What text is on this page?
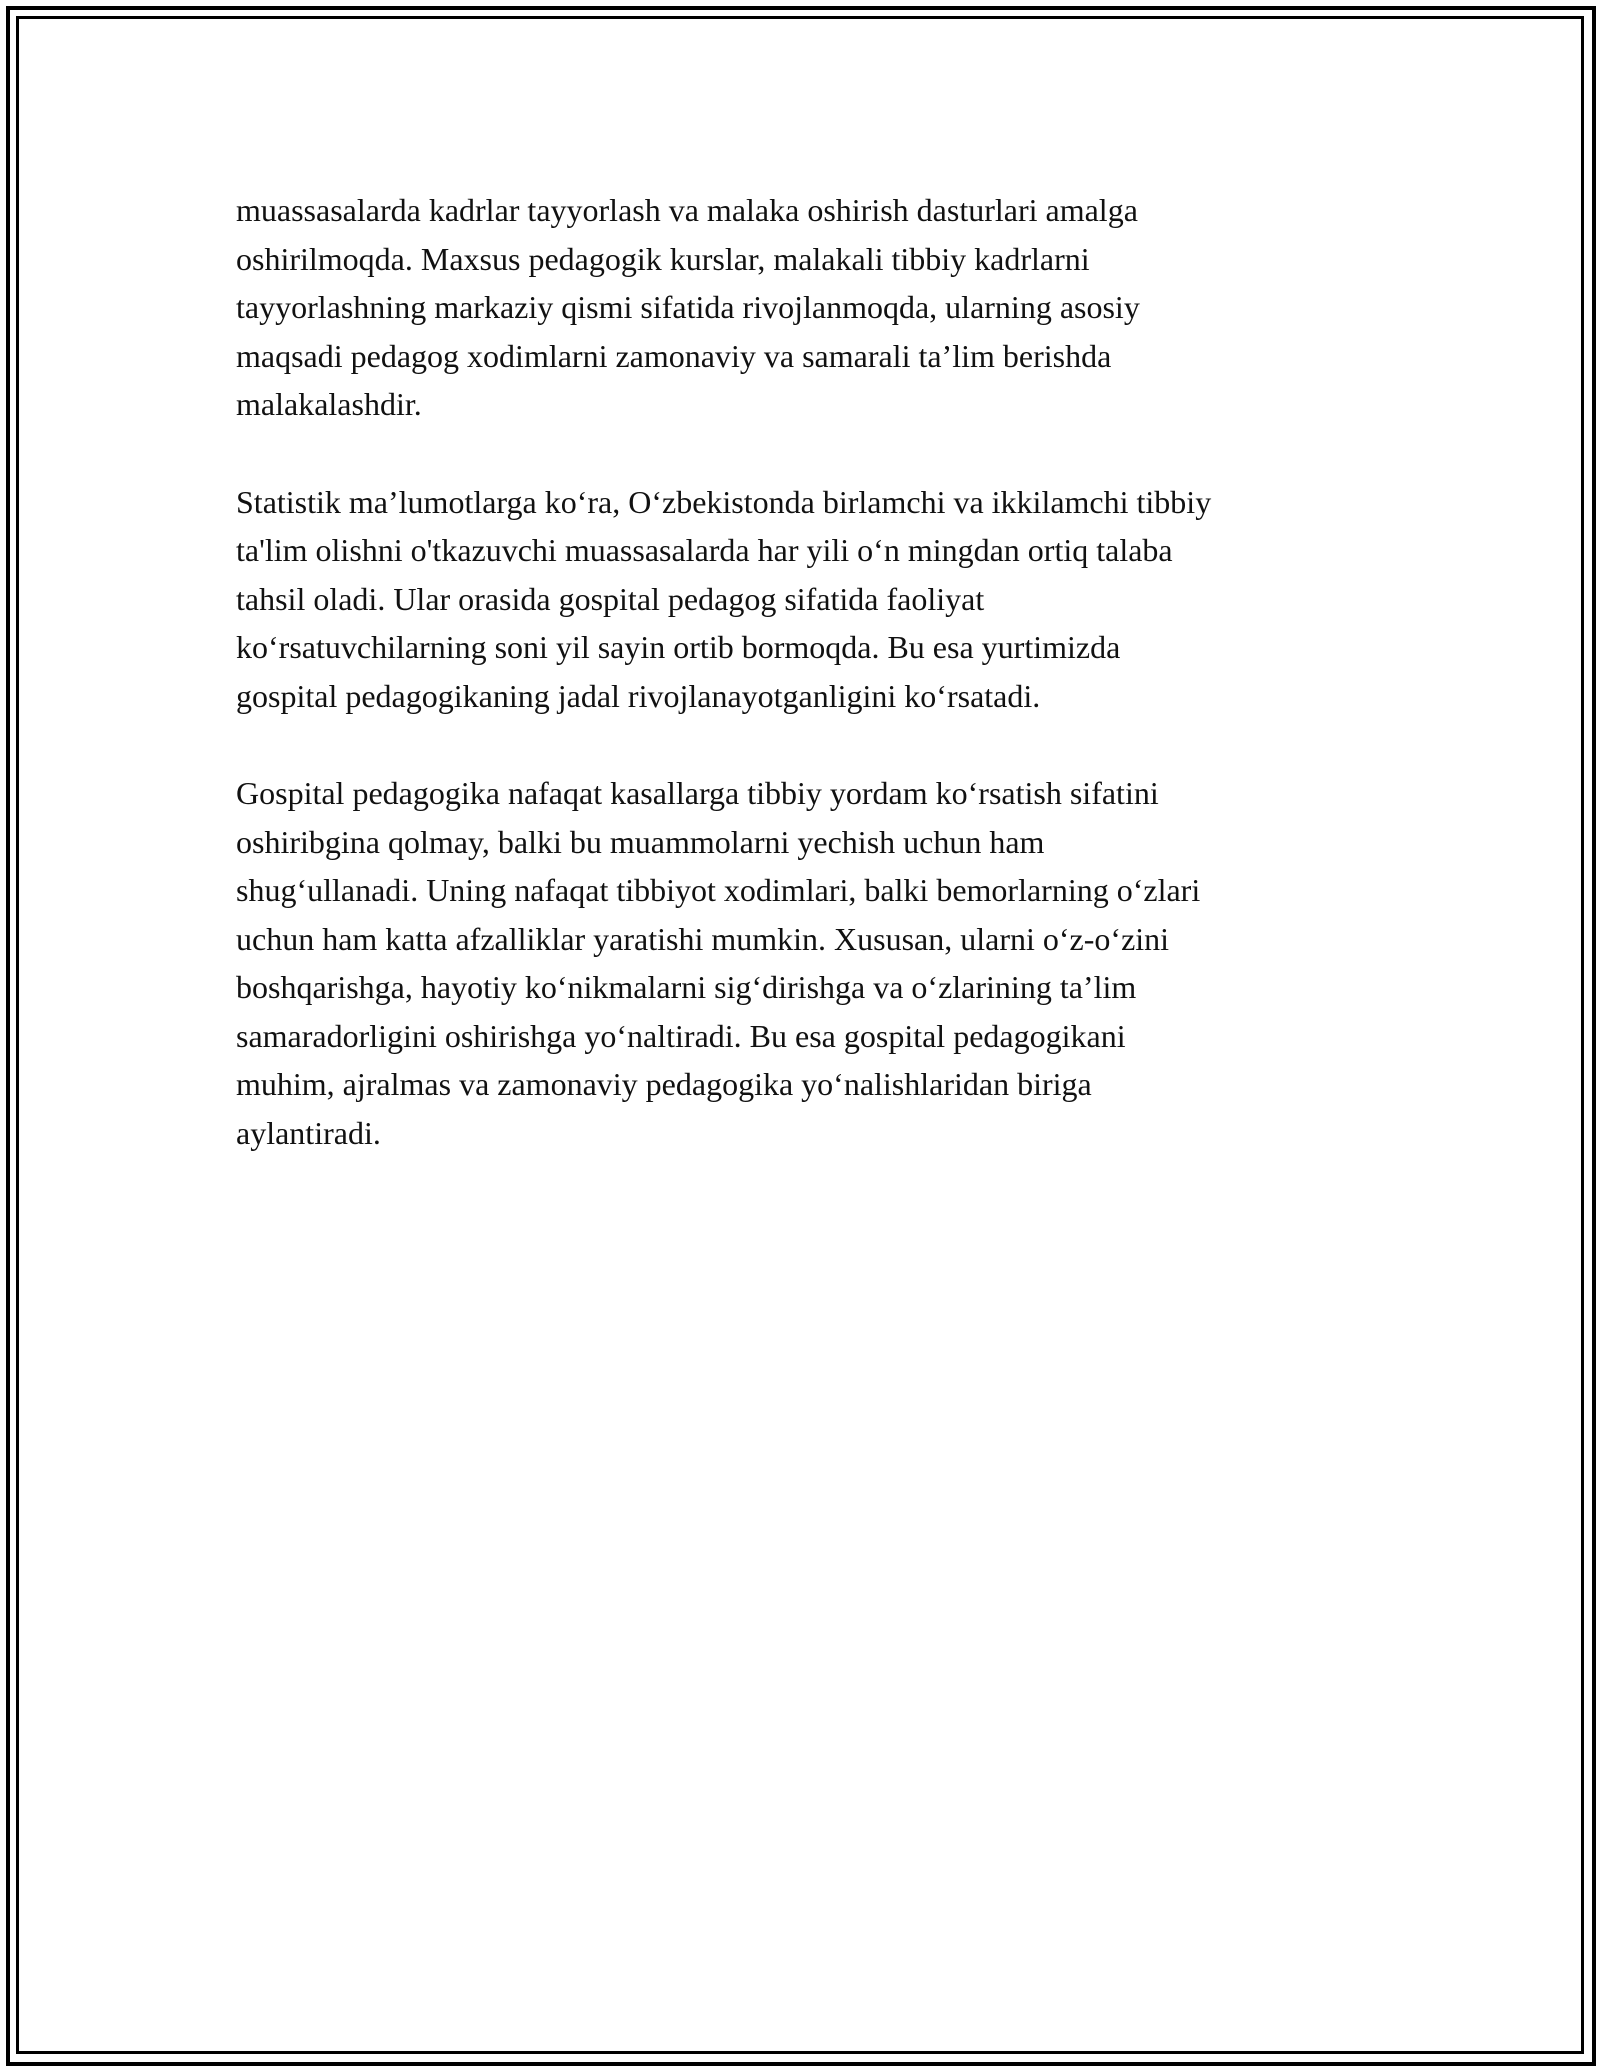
muassasalarda kadrlar tayyorlash va malaka oshirish dasturlari amalga
oshirilmoqda. Maxsus pedagogik kurslar, malakali tibbiy kadrlarni
tayyorlashning markaziy qismi sifatida rivojlanmoqda, ularning asosiy
maqsadi pedagog xodimlarni zamonaviy va samarali ta’lim berishda
malakalashdir.

Statistik ma’lumotlarga ko‘ra, O‘zbekistonda birlamchi va ikkilamchi tibbiy
ta'lim olishni o'tkazuvchi muassasalarda har yili o‘n mingdan ortiq talaba
tahsil oladi. Ular orasida gospital pedagog sifatida faoliyat
ko‘rsatuvchilarning soni yil sayin ortib bormoqda. Bu esa yurtimizda
gospital pedagogikaning jadal rivojlanayotganligini ko‘rsatadi.

Gospital pedagogika nafaqat kasallarga tibbiy yordam ko‘rsatish sifatini
oshiribgina qolmay, balki bu muammolarni yechish uchun ham
shug‘ullanadi. Uning nafaqat tibbiyot xodimlari, balki bemorlarning o‘zlari
uchun ham katta afzalliklar yaratishi mumkin. Xususan, ularni o‘z-o‘zini
boshqarishga, hayotiy ko‘nikmalarni sig‘dirishga va o‘zlarining ta’lim
samaradorligini oshirishga yo‘naltiradi. Bu esa gospital pedagogikani
muhim, ajralmas va zamonaviy pedagogika yo‘nalishlaridan biriga
aylantiradi.
